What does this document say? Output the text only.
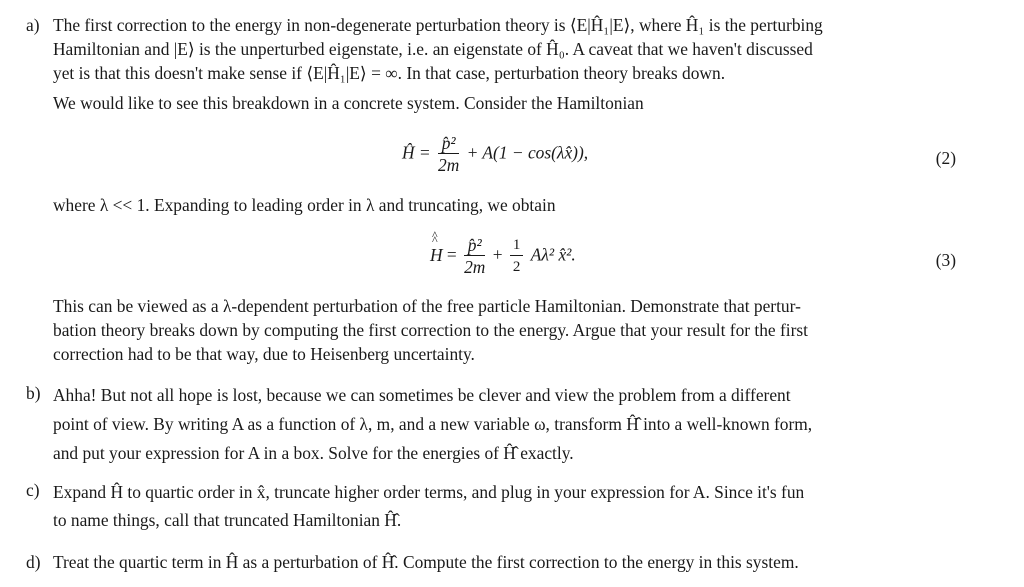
a) The first correction to the energy in non-degenerate perturbation theory is ⟨E|Ĥ₁|E⟩, where Ĥ₁ is the perturbing

Hamiltonian and |E⟩ is the unperturbed eigenstate, i.e. an eigenstate of Ĥ₀. A caveat that we haven't discussed

yet is that this doesn't make sense if ⟨E|Ĥ₁|E⟩ = ∞. In that case, perturbation theory breaks down.

We would like to see this breakdown in a concrete system. Consider the Hamiltonian

Ĥ = $\frac{\text{p̂²}}{2m} + A(1$ − cos(λx̂)),	(2)

where λ << 1. Expanding to leading order in λ and truncating, we obtain

^ H ^ = $\frac{\text{p̂²}}{2m} + \frac{1}{2} A\lambda^2$ x̂².	(3)

This can be viewed as a λ-dependent perturbation of the free particle Hamiltonian. Demonstrate that pertur-

bation theory breaks down by computing the first correction to the energy. Argue that your result for the first

correction had to be that way, due to Heisenberg uncertainty.

b) Ahha! But not all hope is lost, because we can sometimes be clever and view the problem from a different

point of view. By writing A as a function of λ, m, and a new variable ω, transform Ĥ̂ into a well-known form,

and put your expression for A in a box. Solve for the energies of Ĥ̂ exactly.

c) Expand Ĥ to quartic order in x̂, truncate higher order terms, and plug in your expression for A. Since it's fun

to name things, call that truncated Hamiltonian Ĥ̂.

d) Treat the quartic term in Ĥ as a perturbation of Ĥ̂. Compute the first correction to the energy in this system.
